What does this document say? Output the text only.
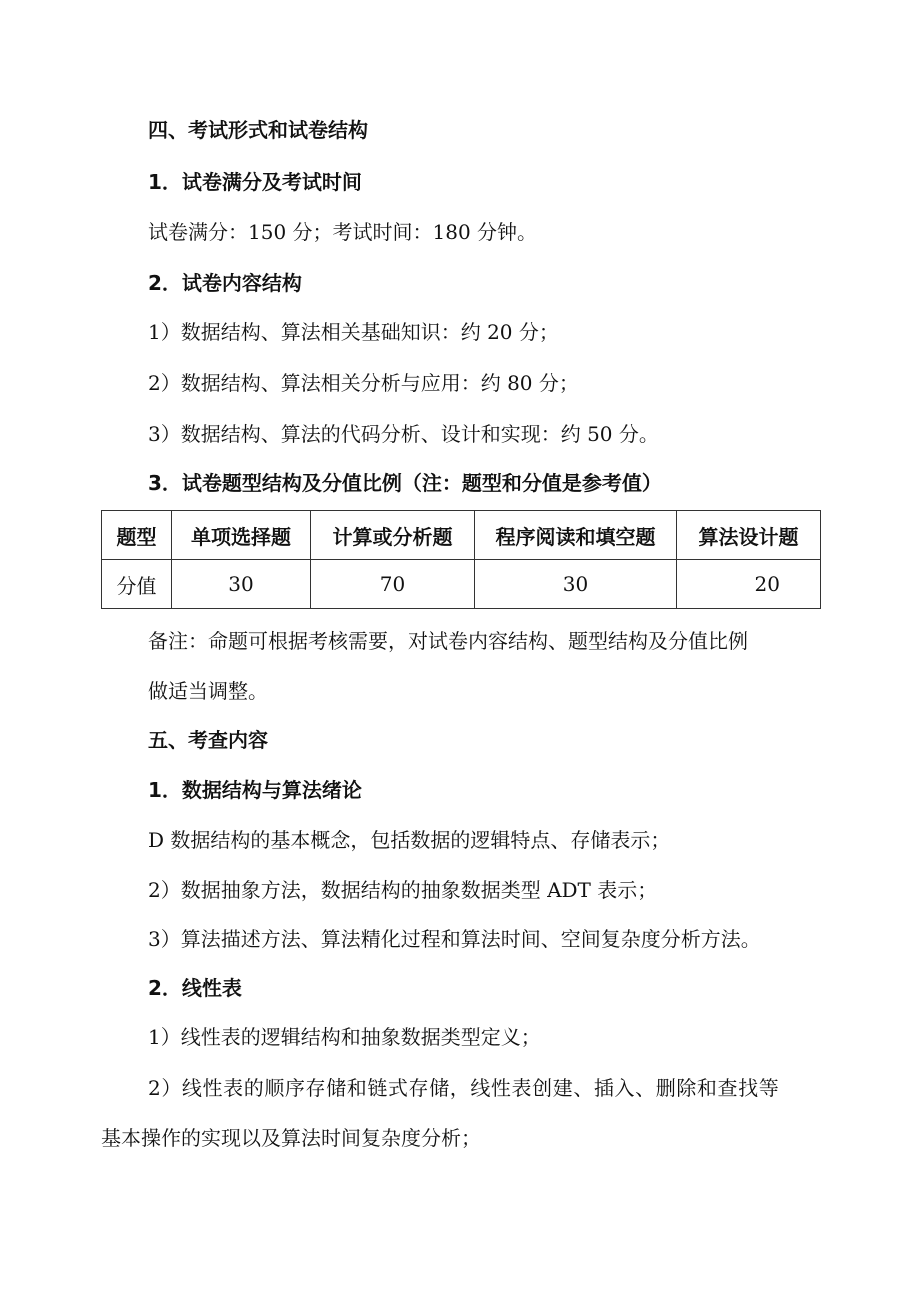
四、考试形式和试卷结构
1．试卷满分及考试时间
试卷满分：150 分；考试时间：180 分钟。
2．试卷内容结构
1）数据结构、算法相关基础知识：约 20 分；
2）数据结构、算法相关分析与应用：约 80 分；
3）数据结构、算法的代码分析、设计和实现：约 50 分。
3．试卷题型结构及分值比例（注：题型和分值是参考值）
题型	单项选择题	计算或分析题	程序阅读和填空题	算法设计题
分值	30	70	30	20
备注：命题可根据考核需要，对试卷内容结构、题型结构及分值比例
做适当调整。
五、考查内容
1．数据结构与算法绪论
D 数据结构的基本概念，包括数据的逻辑特点、存储表示；
2）数据抽象方法，数据结构的抽象数据类型 ADT 表示；
3）算法描述方法、算法精化过程和算法时间、空间复杂度分析方法。
2．线性表
1）线性表的逻辑结构和抽象数据类型定义；
2）线性表的顺序存储和链式存储，线性表创建、插入、删除和查找等
基本操作的实现以及算法时间复杂度分析；
